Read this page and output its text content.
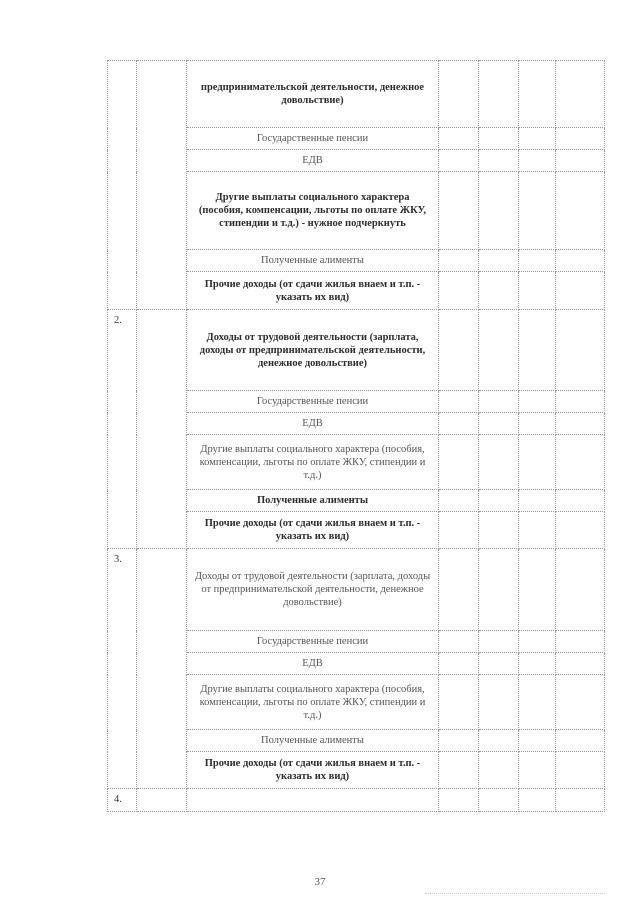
		предпринимательской деятельности, денежное довольствие)				
		Государственные пенсии				
		ЕДВ				
		Другие выплаты социального характера (пособия, компенсации, льготы по оплате ЖКУ, стипендии и т.д.) - нужное подчеркнуть				
		Полученные алименты				
		Прочие доходы (от сдачи жилья внаем и т.п. - указать их вид)				
2.		Доходы от трудовой деятельности (зарплата, доходы от предпринимательской деятельности, денежное довольствие)				
		Государственные пенсии				
		ЕДВ				
		Другие выплаты социального характера (пособия, компенсации, льготы по оплате ЖКУ, стипендии и т.д.)				
		Полученные алименты				
		Прочие доходы (от сдачи жилья внаем и т.п. - указать их вид)				
3.		Доходы от трудовой деятельности (зарплата, доходы от предпринимательской деятельности, денежное довольствие)				
		Государственные пенсии				
		ЕДВ				
		Другие выплаты социального характера (пособия, компенсации, льготы по оплате ЖКУ, стипендии и т.д.)				
		Полученные алименты				
		Прочие доходы (от сдачи жилья внаем и т.п. - указать их вид)				
4.						
37
